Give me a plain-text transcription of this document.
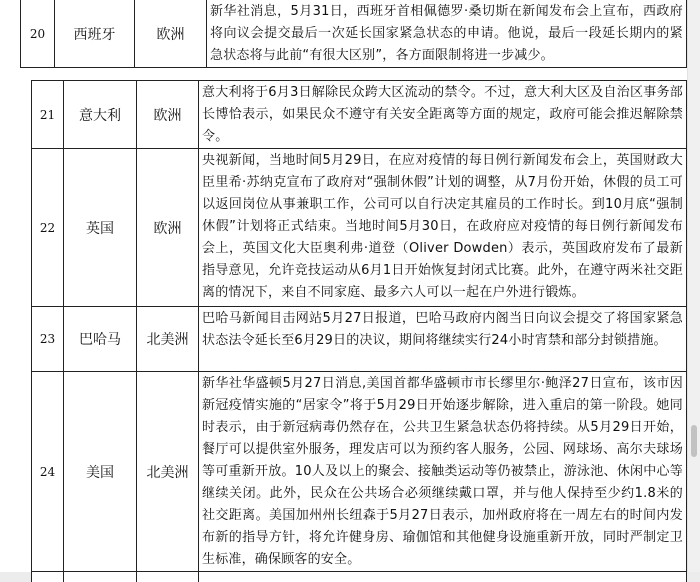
20	西班牙	欧洲	新华社消息，5月31日，西班牙首相佩德罗·桑切斯在新闻发布会上宣布，西政府将向议会提交最后一次延长国家紧急状态的申请。他说，最后一段延长期内的紧急状态将与此前“有很大区别”，各方面限制将进一步减少。
21	意大利	欧洲	意大利将于6月3日解除民众跨大区流动的禁令。不过，意大利大区及自治区事务部长博恰表示，如果民众不遵守有关安全距离等方面的规定，政府可能会推迟解除禁令。
22	英国	欧洲	央视新闻，当地时间5月29日，在应对疫情的每日例行新闻发布会上，英国财政大臣里希·苏纳克宣布了政府对“强制休假”计划的调整，从7月份开始，休假的员工可以返回岗位从事兼职工作，公司可以自行决定其雇员的工作时长。到10月底“强制休假”计划将正式结束。当地时间5月30日，在政府应对疫情的每日例行新闻发布会上，英国文化大臣奥利弗·道登（Oliver Dowden）表示，英国政府发布了最新指导意见，允许竞技运动从6月1日开始恢复封闭式比赛。此外，在遵守两米社交距离的情况下，来自不同家庭、最多六人可以一起在户外进行锻炼。
23	巴哈马	北美洲	巴哈马新闻目击网站5月27日报道，巴哈马政府内阁当日向议会提交了将国家紧急状态法令延长至6月29日的决议，期间将继续实行24小时宵禁和部分封锁措施。
24	美国	北美洲	新华社华盛顿5月27日消息,美国首都华盛顿市市长缪里尔·鲍泽27日宣布，该市因新冠疫情实施的“居家令”将于5月29日开始逐步解除，进入重启的第一阶段。她同时表示，由于新冠病毒仍然存在，公共卫生紧急状态仍将持续。从5月29日开始，餐厅可以提供室外服务，理发店可以为预约客人服务，公园、网球场、高尔夫球场等可重新开放。10人及以上的聚会、接触类运动等仍被禁止，游泳池、休闲中心等继续关闭。此外，民众在公共场合必须继续戴口罩，并与他人保持至少约1.8米的社交距离。美国加州州长纽森于5月27日表示，加州政府将在一周左右的时间内发布新的指导方针，将允许健身房、瑜伽馆和其他健身设施重新开放，同时严制定卫生标准，确保顾客的安全。
